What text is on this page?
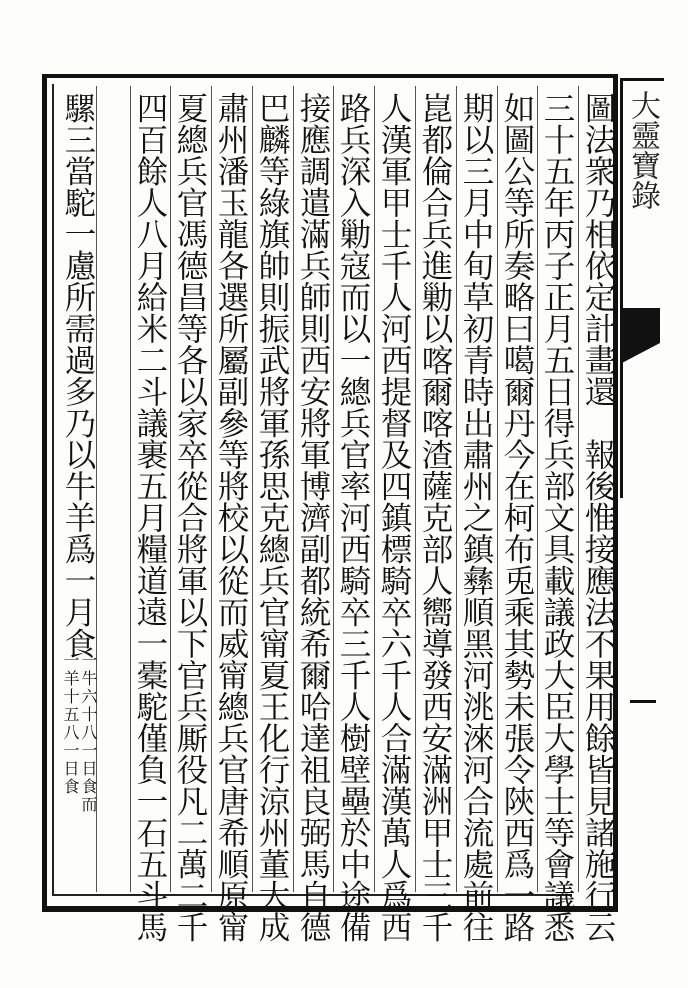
大靈寶錄
圖法衆乃相依定計畫還　報後惟接應法不果用餘皆見諸施行云
三十五年丙子正月五日得兵部文具載議政大臣大學士等會議悉
如圖公等所奏略曰噶爾丹今在柯布兎乘其勢未張令陝西爲一路
期以三月中旬草初青時出肅州之鎮彝順黑河洮淶河合流處前往
崑都倫合兵進勦以喀爾喀渣薩克部人嚮導發西安滿洲甲士三千
人漢軍甲士千人河西提督及四鎮標騎卒六千人合滿漢萬人爲西
路兵深入勦寇而以一總兵官率河西騎卒三千人樹壁壘於中途備
接應調遣滿兵師則西安將軍博濟副都統希爾哈達祖良弼馬自德
巴麟等綠旗帥則振武將軍孫思克總兵官甯夏王化行涼州董大成
肅州潘玉龍各選所屬副參等將校以從而威甯總兵官唐希順原甯
夏總兵官馮德昌等各以家卒從合將軍以下官兵厮役凡二萬二千
四百餘人八月給米二斗議裹五月糧道遠一橐駝僅負一石五斗馬
騾三當駝一慮所需過多乃以牛羊爲一月食
一牛六十八一日食而
一羊十五八一日食
